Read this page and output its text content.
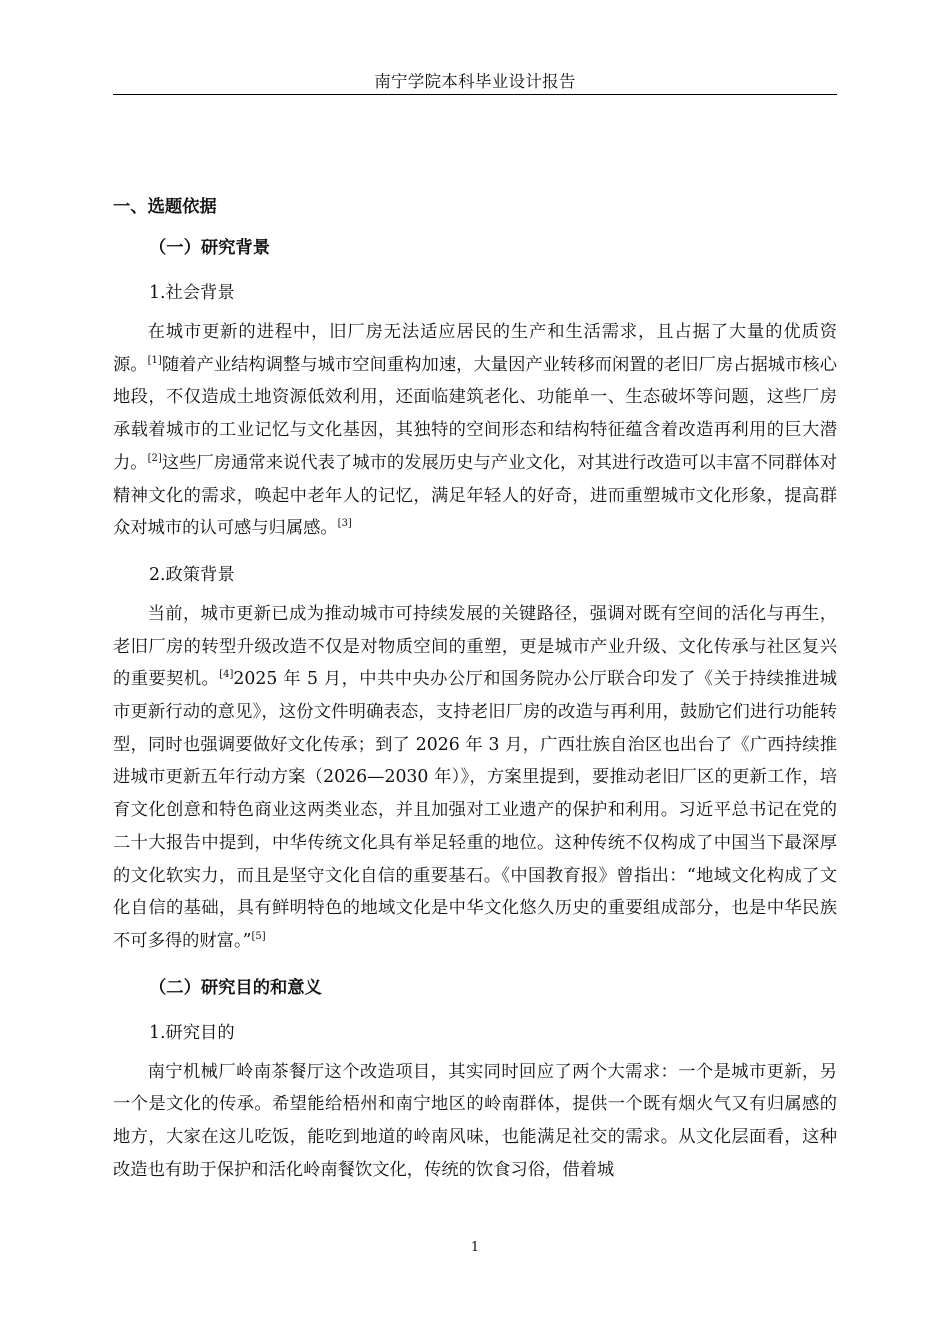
南宁学院本科毕业设计报告
一、选题依据
（一）研究背景
1.社会背景

在城市更新的进程中，旧厂房无法适应居民的生产和生活需求，且占据了大量的优质资源。[1]随着产业结构调整与城市空间重构加速，大量因产业转移而闲置的老旧厂房占据城市核心地段，不仅造成土地资源低效利用，还面临建筑老化、功能单一、生态破坏等问题，这些厂房承载着城市的工业记忆与文化基因，其独特的空间形态和结构特征蕴含着改造再利用的巨大潜力。[2]这些厂房通常来说代表了城市的发展历史与产业文化，对其进行改造可以丰富不同群体对精神文化的需求，唤起中老年人的记忆，满足年轻人的好奇，进而重塑城市文化形象，提高群众对城市的认可感与归属感。[3]

2.政策背景

当前，城市更新已成为推动城市可持续发展的关键路径，强调对既有空间的活化与再生，老旧厂房的转型升级改造不仅是对物质空间的重塑，更是城市产业升级、文化传承与社区复兴的重要契机。[4]2025 年 5 月，中共中央办公厅和国务院办公厅联合印发了《关于持续推进城市更新行动的意见》，这份文件明确表态，支持老旧厂房的改造与再利用，鼓励它们进行功能转型，同时也强调要做好文化传承；到了 2026 年 3 月，广西壮族自治区也出台了《广西持续推进城市更新五年行动方案（2026—2030 年）》，方案里提到，要推动老旧厂区的更新工作，培育文化创意和特色商业这两类业态，并且加强对工业遗产的保护和利用。习近平总书记在党的二十大报告中提到，中华传统文化具有举足轻重的地位。这种传统不仅构成了中国当下最深厚的文化软实力，而且是坚守文化自信的重要基石。《中国教育报》曾指出：“地域文化构成了文化自信的基础，具有鲜明特色的地域文化是中华文化悠久历史的重要组成部分，也是中华民族不可多得的财富。”[5]

（二）研究目的和意义
1.研究目的

南宁机械厂岭南茶餐厅这个改造项目，其实同时回应了两个大需求：一个是城市更新，另一个是文化的传承。希望能给梧州和南宁地区的岭南群体，提供一个既有烟火气又有归属感的地方，大家在这儿吃饭，能吃到地道的岭南风味，也能满足社交的需求。从文化层面看，这种改造也有助于保护和活化岭南餐饮文化，传统的饮食习俗，借着城

1
